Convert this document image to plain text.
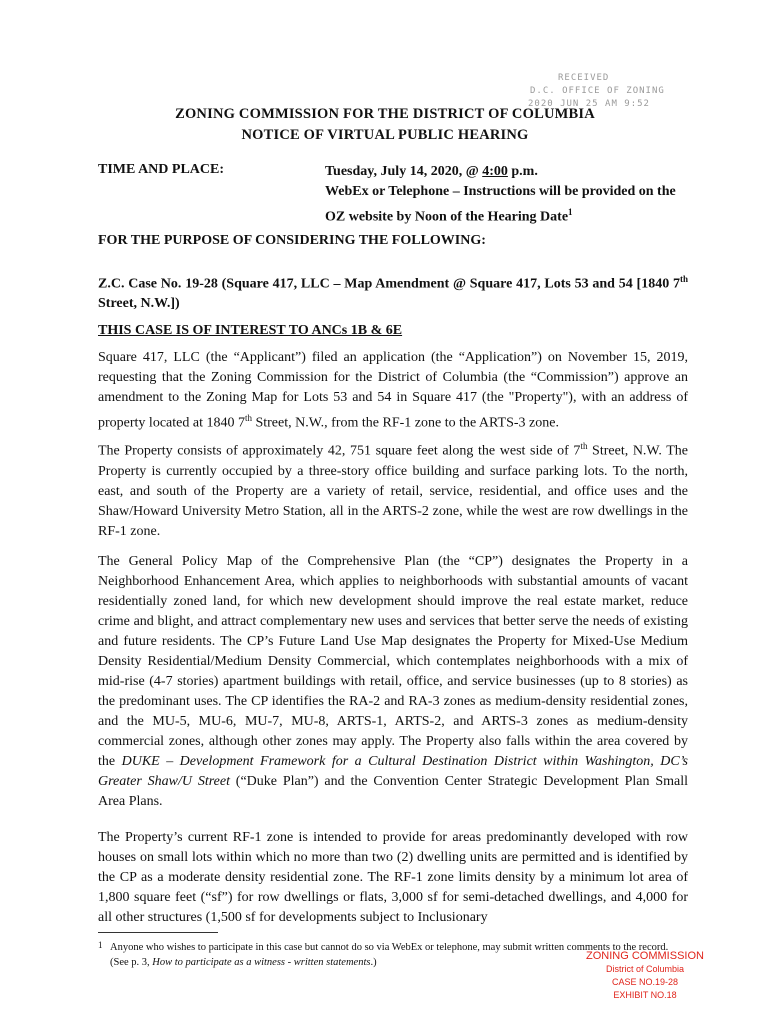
RECEIVED
D.C. OFFICE OF ZONING
2020 JUN 25 AM 9:52
ZONING COMMISSION FOR THE DISTRICT OF COLUMBIA
NOTICE OF VIRTUAL PUBLIC HEARING
TIME AND PLACE:	Tuesday, July 14, 2020, @ 4:00 p.m.
WebEx or Telephone – Instructions will be provided on the OZ website by Noon of the Hearing Date$^1$
FOR THE PURPOSE OF CONSIDERING THE FOLLOWING:
Z.C. Case No. 19-28 (Square 417, LLC – Map Amendment @ Square 417, Lots 53 and 54 [1840 7th Street, N.W.])
THIS CASE IS OF INTEREST TO ANCs 1B & 6E
Square 417, LLC (the “Applicant”) filed an application (the “Application”) on November 15, 2019, requesting that the Zoning Commission for the District of Columbia (the “Commission”) approve an amendment to the Zoning Map for Lots 53 and 54 in Square 417 (the "Property"), with an address of property located at 1840 7th Street, N.W., from the RF-1 zone to the ARTS-3 zone.
The Property consists of approximately 42, 751 square feet along the west side of 7th Street, N.W. The Property is currently occupied by a three-story office building and surface parking lots. To the north, east, and south of the Property are a variety of retail, service, residential, and office uses and the Shaw/Howard University Metro Station, all in the ARTS-2 zone, while the west are row dwellings in the RF-1 zone.
The General Policy Map of the Comprehensive Plan (the “CP”) designates the Property in a Neighborhood Enhancement Area, which applies to neighborhoods with substantial amounts of vacant residentially zoned land, for which new development should improve the real estate market, reduce crime and blight, and attract complementary new uses and services that better serve the needs of existing and future residents. The CP’s Future Land Use Map designates the Property for Mixed-Use Medium Density Residential/Medium Density Commercial, which contemplates neighborhoods with a mix of mid-rise (4-7 stories) apartment buildings with retail, office, and service businesses (up to 8 stories) as the predominant uses. The CP identifies the RA-2 and RA-3 zones as medium-density residential zones, and the MU-5, MU-6, MU-7, MU-8, ARTS-1, ARTS-2, and ARTS-3 zones as medium-density commercial zones, although other zones may apply. The Property also falls within the area covered by the DUKE – Development Framework for a Cultural Destination District within Washington, DC’s Greater Shaw/U Street (“Duke Plan”) and the Convention Center Strategic Development Plan Small Area Plans.
The Property’s current RF-1 zone is intended to provide for areas predominantly developed with row houses on small lots within which no more than two (2) dwelling units are permitted and is identified by the CP as a moderate density residential zone. The RF-1 zone limits density by a minimum lot area of 1,800 square feet (“sf”) for row dwellings or flats, 3,000 sf for semi-detached dwellings, and 4,000 for all other structures (1,500 sf for developments subject to Inclusionary
1 Anyone who wishes to participate in this case but cannot do so via WebEx or telephone, may submit written comments to the record. (See p. 3, How to participate as a witness - written statements.)
ZONING COMMISSION
District of Columbia
CASE NO.19-28
EXHIBIT NO.18
